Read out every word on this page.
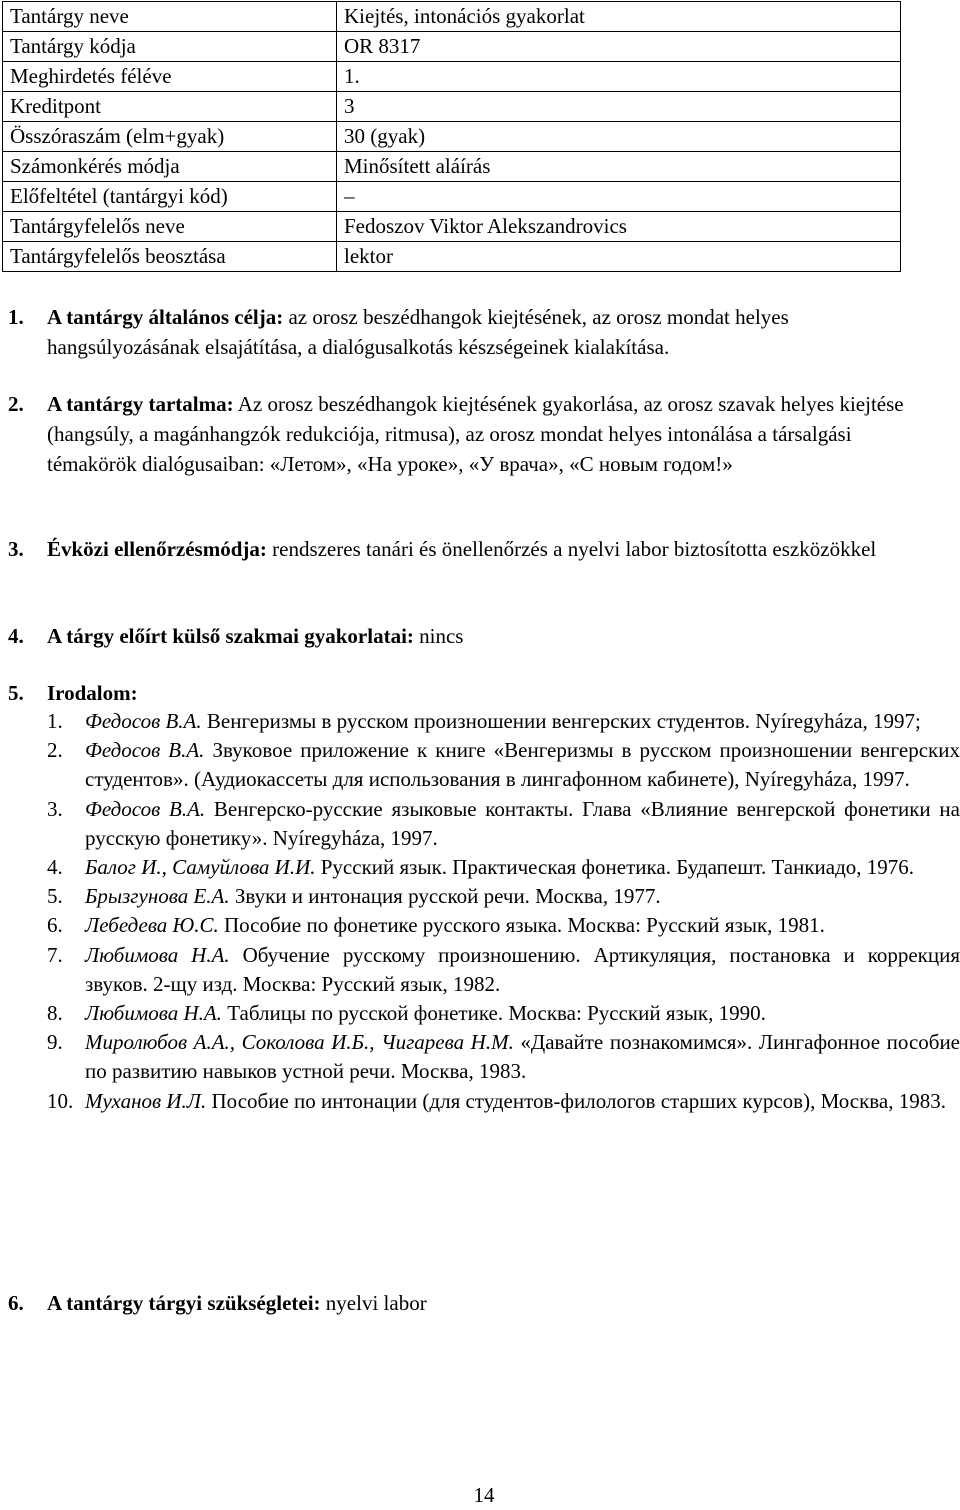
Tantárgy neve	Kiejtés, intonációs gyakorlat
Tantárgy kódja	OR 8317
Meghirdetés féléve	1.
Kreditpont	3
Összóraszám (elm+gyak)	30 (gyak)
Számonkérés módja	Minősített aláírás
Előfeltétel (tantárgyi kód)	–
Tantárgyfelelős neve	Fedoszov Viktor Alekszandrovics
Tantárgyfelelős beosztása	lektor
1. A tantárgy általános célja: az orosz beszédhangok kiejtésének, az orosz mondat helyes hangsúlyozásának elsajátítása, a dialógusalkotás készségeinek kialakítása.
2. A tantárgy tartalma: Az orosz beszédhangok kiejtésének gyakorlása, az orosz szavak helyes kiejtése (hangsúly, a magánhangzók redukciója, ritmusa), az orosz mondat helyes intonálása a társalgási témakörök dialógusaiban: «Летом», «На уроке», «У врача», «С новым годом!»
3. Évközi ellenőrzésmódja: rendszeres tanári és önellenőrzés a nyelvi labor biztosította eszközökkel
4. A tárgy előírt külső szakmai gyakorlatai: nincs
5. Irodalom:
1. Федосов В.А. Венгеризмы в русском произношении венгерских студентов. Nyíregyháza, 1997;
2. Федосов В.А. Звуковое приложение к книге «Венгеризмы в русском произношении венгерских студентов». (Аудиокассеты для использования в лингафонном кабинете), Nyíregyháza, 1997.
3. Федосов В.А. Венгерско-русские языковые контакты. Глава «Влияние венгерской фонетики на русскую фонетику». Nyíregyháza, 1997.
4. Балог И., Самуйлова И.И. Русский язык. Практическая фонетика. Будапешт. Танкиадо, 1976.
5. Брызгунова Е.А. Звуки и интонация русской речи. Москва, 1977.
6. Лебедева Ю.С. Пособие по фонетике русского языка. Москва: Русский язык, 1981.
7. Любимова Н.А. Обучение русскому произношению. Артикуляция, постановка и коррекция звуков. 2-щу изд. Москва: Русский язык, 1982.
8. Любимова Н.А. Таблицы по русской фонетике. Москва: Русский язык, 1990.
9. Миролюбов А.А., Соколова И.Б., Чигарева Н.М. «Давайте познакомимся». Лингафонное пособие по развитию навыков устной речи. Москва, 1983.
10. Муханов И.Л. Пособие по интонации (для студентов-филологов старших курсов), Москва, 1983.
6. A tantárgy tárgyi szükségletei: nyelvi labor
14
